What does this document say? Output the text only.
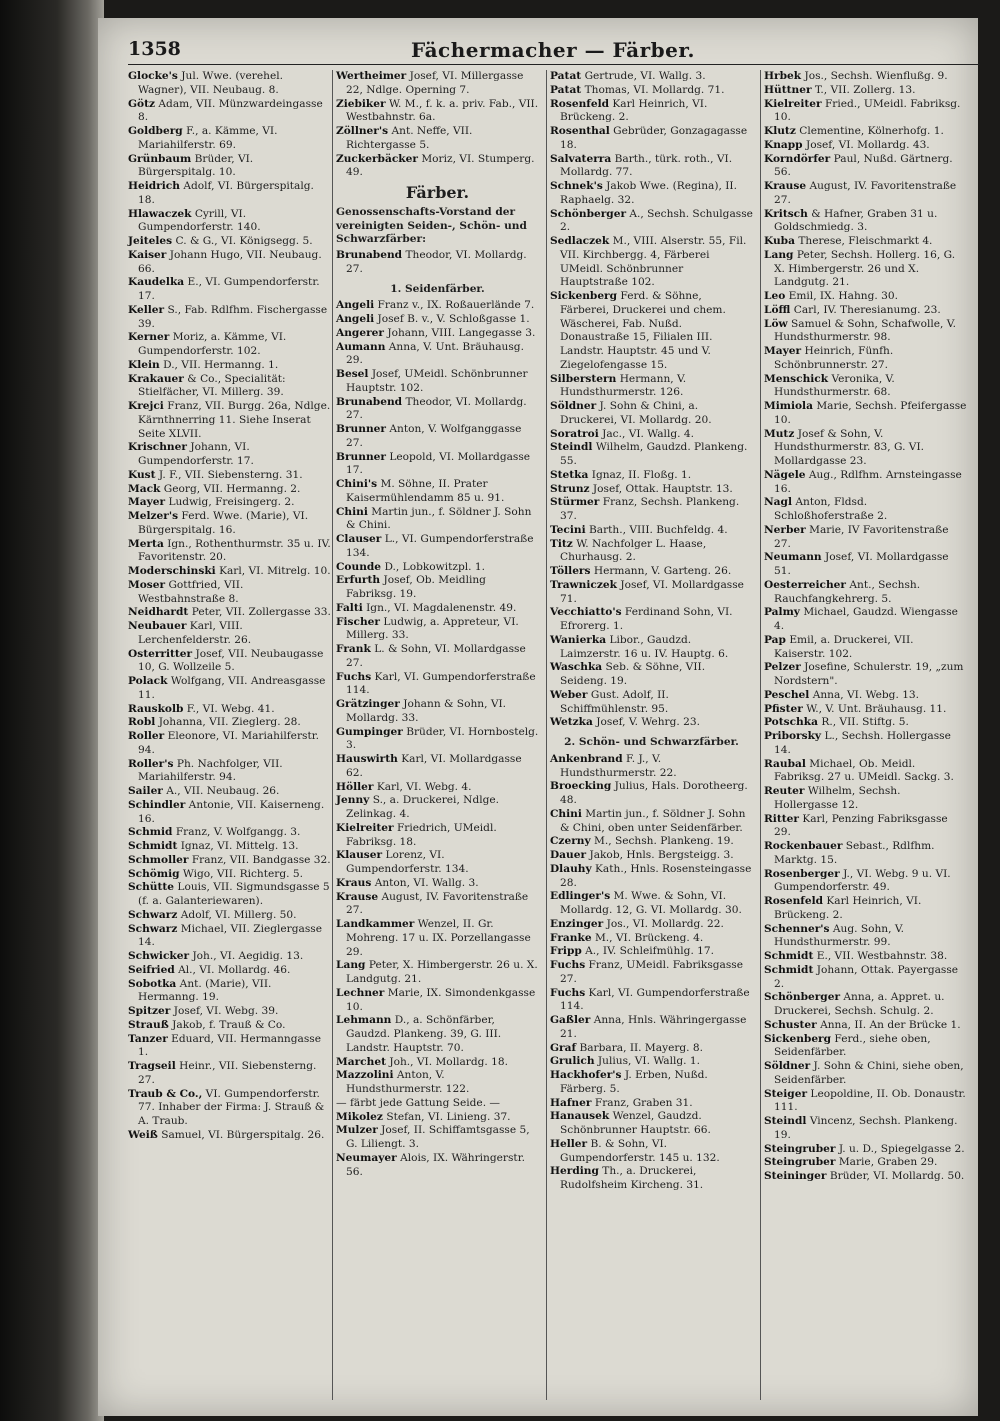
1358	Fächermacher — Färber.

Glocke's Jul. Wwe. (verehel. Wagner), VII. Neubaug. 8.

Götz Adam, VII. Münzwardeingasse 8.

Goldberg F., a. Kämme, VI. Mariahilferstr. 69.

Grünbaum Brüder, VI. Bürgerspitalg. 10.

Heidrich Adolf, VI. Bürgerspitalg. 18.

Hlawaczek Cyrill, VI. Gumpendorferstr. 140.

Jeiteles C. & G., VI. Königsegg. 5.

Kaiser Johann Hugo, VII. Neubaug. 66.

Kaudelka E., VI. Gumpendorferstr. 17.

Keller S., Fab. Rdlfhm. Fischergasse 39.

Kerner Moriz, a. Kämme, VI. Gumpendorferstr. 102.

Klein D., VII. Hermanng. 1.

Krakauer & Co., Specialität: Stielfächer, VI. Millerg. 39.

Krejci Franz, VII. Burgg. 26a, Ndlge. Kärnthnerring 11. Siehe Inserat Seite XLVII.

Krischner Johann, VI. Gumpendorferstr. 17.

Kust J. F., VII. Siebensterng. 31.

Mack Georg, VII. Hermanng. 2.

Mayer Ludwig, Freisingerg. 2.

Melzer's Ferd. Wwe. (Marie), VI. Bürgerspitalg. 16.

Merta Ign., Rothenthurmstr. 35 u. IV. Favoritenstr. 20.

Moderschinski Karl, VI. Mitrelg. 10.

Moser Gottfried, VII. Westbahnstraße 8.

Neidhardt Peter, VII. Zollergasse 33.

Neubauer Karl, VIII. Lerchenfelderstr. 26.

Osterritter Josef, VII. Neubaugasse 10, G. Wollzeile 5.

Polack Wolfgang, VII. Andreasgasse 11.

Rauskolb F., VI. Webg. 41.

Robl Johanna, VII. Zieglerg. 28.

Roller Eleonore, VI. Mariahilferstr. 94.

Roller's Ph. Nachfolger, VII. Mariahilferstr. 94.

Sailer A., VII. Neubaug. 26.

Schindler Antonie, VII. Kaiserneng. 16.

Schmid Franz, V. Wolfgangg. 3.

Schmidt Ignaz, VI. Mittelg. 13.

Schmoller Franz, VII. Bandgasse 32.

Schömig Wigo, VII. Richterg. 5.

Schütte Louis, VII. Sigmundsgasse 5 (f. a. Galanteriewaren).

Schwarz Adolf, VI. Millerg. 50.

Schwarz Michael, VII. Zieglergasse 14.

Schwicker Joh., VI. Aegidig. 13.

Seifried Al., VI. Mollardg. 46.

Sobotka Ant. (Marie), VII. Hermanng. 19.

Spitzer Josef, VI. Webg. 39.

Strauß Jakob, f. Trauß & Co.

Tanzer Eduard, VII. Hermanngasse 1.

Tragseil Heinr., VII. Siebensterng. 27.

Traub & Co., VI. Gumpendorferstr. 77. Inhaber der Firma: J. Strauß & A. Traub.

Weiß Samuel, VI. Bürgerspitalg. 26.

Wertheimer Josef, VI. Millergasse 22, Ndlge. Operning 7.

Ziebiker W. M., f. k. a. priv. Fab., VII. Westbahnstr. 6a.

Zöllner's Ant. Neffe, VII. Richtergasse 5.

Zuckerbäcker Moriz, VI. Stumperg. 49.

Färber.
Genossenschafts-Vorstand der vereinigten Seiden-, Schön- und Schwarzfärber:

Brunabend Theodor, VI. Mollardg. 27.

1. Seidenfärber.

Angeli Franz v., IX. Roßauerlände 7.

Angeli Josef B. v., V. Schloßgasse 1.

Angerer Johann, VIII. Langegasse 3.

Aumann Anna, V. Unt. Bräuhausg. 29.

Besel Josef, UMeidl. Schönbrunner Hauptstr. 102.

Brunabend Theodor, VI. Mollardg. 27.

Brunner Anton, V. Wolfganggasse 27.

Brunner Leopold, VI. Mollardgasse 17.

Chini's M. Söhne, II. Prater Kaisermühlendamm 85 u. 91.

Chini Martin jun., f. Söldner J. Sohn & Chini.

Clauser L., VI. Gumpendorferstraße 134.

Counde D., Lobkowitzpl. 1.

Erfurth Josef, Ob. Meidling Fabriksg. 19.

Falti Ign., VI. Magdalenenstr. 49.

Fischer Ludwig, a. Appreteur, VI. Millerg. 33.

Frank L. & Sohn, VI. Mollardgasse 27.

Fuchs Karl, VI. Gumpendorferstraße 114.

Grätzinger Johann & Sohn, VI. Mollardg. 33.

Gumpinger Brüder, VI. Hornbostelg. 3.

Hauswirth Karl, VI. Mollardgasse 62.

Höller Karl, VI. Webg. 4.

Jenny S., a. Druckerei, Ndlge. Zelinkag. 4.

Kielreiter Friedrich, UMeidl. Fabriksg. 18.

Klauser Lorenz, VI. Gumpendorferstr. 134.

Kraus Anton, VI. Wallg. 3.

Krause August, IV. Favoritenstraße 27.

Landkammer Wenzel, II. Gr. Mohreng. 17 u. IX. Porzellangasse 29.

Lang Peter, X. Himbergerstr. 26 u. X. Landgutg. 21.

Lechner Marie, IX. Simondenkgasse 10.

Lehmann D., a. Schönfärber, Gaudzd. Plankeng. 39, G. III. Landstr. Hauptstr. 70.

Marchet Joh., VI. Mollardg. 18.

Mazzolini Anton, V. Hundsthurmerstr. 122.

— färbt jede Gattung Seide. —

Mikolez Stefan, VI. Linieng. 37.

Mulzer Josef, II. Schiffamtsgasse 5, G. Liliengt. 3.

Neumayer Alois, IX. Währingerstr. 56.

Patat Gertrude, VI. Wallg. 3.

Patat Thomas, VI. Mollardg. 71.

Rosenfeld Karl Heinrich, VI. Brückeng. 2.

Rosenthal Gebrüder, Gonzagagasse 18.

Salvaterra Barth., türk. roth., VI. Mollardg. 77.

Schnek's Jakob Wwe. (Regina), II. Raphaelg. 32.

Schönberger A., Sechsh. Schulgasse 2.

Sedlaczek M., VIII. Alserstr. 55, Fil. VII. Kirchbergg. 4, Färberei UMeidl. Schönbrunner Hauptstraße 102.

Sickenberg Ferd. & Söhne, Färberei, Druckerei und chem. Wäscherei, Fab. Nußd. Donaustraße 15, Filialen III. Landstr. Hauptstr. 45 und V. Ziegelofengasse 15.

Silberstern Hermann, V. Hundsthurmerstr. 126.

Söldner J. Sohn & Chini, a. Druckerei, VI. Mollardg. 20.

Soratroi Jac., VI. Wallg. 4.

Steindl Wilhelm, Gaudzd. Plankeng. 55.

Stetka Ignaz, II. Floßg. 1.

Strunz Josef, Ottak. Hauptstr. 13.

Stürmer Franz, Sechsh. Plankeng. 37.

Tecini Barth., VIII. Buchfeldg. 4.

Titz W. Nachfolger L. Haase, Churhausg. 2.

Töllers Hermann, V. Garteng. 26.

Trawniczek Josef, VI. Mollardgasse 71.

Vecchiatto's Ferdinand Sohn, VI. Efrorerg. 1.

Wanierka Libor., Gaudzd. Laimzerstr. 16 u. IV. Hauptg. 6.

Waschka Seb. & Söhne, VII. Seideng. 19.

Weber Gust. Adolf, II. Schiffmühlenstr. 95.

Wetzka Josef, V. Wehrg. 23.

2. Schön- und Schwarzfärber.

Ankenbrand F. J., V. Hundsthurmerstr. 22.

Broecking Julius, Hals. Dorotheerg. 48.

Chini Martin jun., f. Söldner J. Sohn & Chini, oben unter Seidenfärber.

Czerny M., Sechsh. Plankeng. 19.

Dauer Jakob, Hnls. Bergsteigg. 3.

Dlauhy Kath., Hnls. Rosensteingasse 28.

Edlinger's M. Wwe. & Sohn, VI. Mollardg. 12, G. VI. Mollardg. 30.

Enzinger Jos., VI. Mollardg. 22.

Franke M., VI. Brückeng. 4.

Fripp A., IV. Schleifmühlg. 17.

Fuchs Franz, UMeidl. Fabriksgasse 27.

Fuchs Karl, VI. Gumpendorferstraße 114.

Gaßler Anna, Hnls. Währingergasse 21.

Graf Barbara, II. Mayerg. 8.

Grulich Julius, VI. Wallg. 1.

Hackhofer's J. Erben, Nußd. Färberg. 5.

Hafner Franz, Graben 31.

Hanausek Wenzel, Gaudzd. Schönbrunner Hauptstr. 66.

Heller B. & Sohn, VI. Gumpendorferstr. 145 u. 132.

Herding Th., a. Druckerei, Rudolfsheim Kircheng. 31.

Hrbek Jos., Sechsh. Wienflußg. 9.

Hüttner T., VII. Zollerg. 13.

Kielreiter Fried., UMeidl. Fabriksg. 10.

Klutz Clementine, Kölnerhofg. 1.

Knapp Josef, VI. Mollardg. 43.

Korndörfer Paul, Nußd. Gärtnerg. 56.

Krause August, IV. Favoritenstraße 27.

Kritsch & Hafner, Graben 31 u. Goldschmiedg. 3.

Kuba Therese, Fleischmarkt 4.

Lang Peter, Sechsh. Hollerg. 16, G. X. Himbergerstr. 26 und X. Landgutg. 21.

Leo Emil, IX. Hahng. 30.

Löffl Carl, IV. Theresianumg. 23.

Löw Samuel & Sohn, Schafwolle, V. Hundsthurmerstr. 98.

Mayer Heinrich, Fünfh. Schönbrunnerstr. 27.

Menschick Veronika, V. Hundsthurmerstr. 68.

Mimiola Marie, Sechsh. Pfeifergasse 10.

Mutz Josef & Sohn, V. Hundsthurmerstr. 83, G. VI. Mollardgasse 23.

Nägele Aug., Rdlfhm. Arnsteingasse 16.

Nagl Anton, Fldsd. Schloßhoferstraße 2.

Nerber Marie, IV Favoritenstraße 27.

Neumann Josef, VI. Mollardgasse 51.

Oesterreicher Ant., Sechsh. Rauchfangkehrerg. 5.

Palmy Michael, Gaudzd. Wiengasse 4.

Pap Emil, a. Druckerei, VII. Kaiserstr. 102.

Pelzer Josefine, Schulerstr. 19, „zum Nordstern".

Peschel Anna, VI. Webg. 13.

Pfister W., V. Unt. Bräuhausg. 11.

Potschka R., VII. Stiftg. 5.

Priborsky L., Sechsh. Hollergasse 14.

Raubal Michael, Ob. Meidl. Fabriksg. 27 u. UMeidl. Sackg. 3.

Reuter Wilhelm, Sechsh. Hollergasse 12.

Ritter Karl, Penzing Fabriksgasse 29.

Rockenbauer Sebast., Rdlfhm. Marktg. 15.

Rosenberger J., VI. Webg. 9 u. VI. Gumpendorferstr. 49.

Rosenfeld Karl Heinrich, VI. Brückeng. 2.

Schenner's Aug. Sohn, V. Hundsthurmerstr. 99.

Schmidt E., VII. Westbahnstr. 38.

Schmidt Johann, Ottak. Payergasse 2.

Schönberger Anna, a. Appret. u. Druckerei, Sechsh. Schulg. 2.

Schuster Anna, II. An der Brücke 1.

Sickenberg Ferd., siehe oben, Seidenfärber.

Söldner J. Sohn & Chini, siehe oben, Seidenfärber.

Steiger Leopoldine, II. Ob. Donaustr. 111.

Steindl Vincenz, Sechsh. Plankeng. 19.

Steingruber J. u. D., Spiegelgasse 2.

Steingruber Marie, Graben 29.

Steininger Brüder, VI. Mollardg. 50.
